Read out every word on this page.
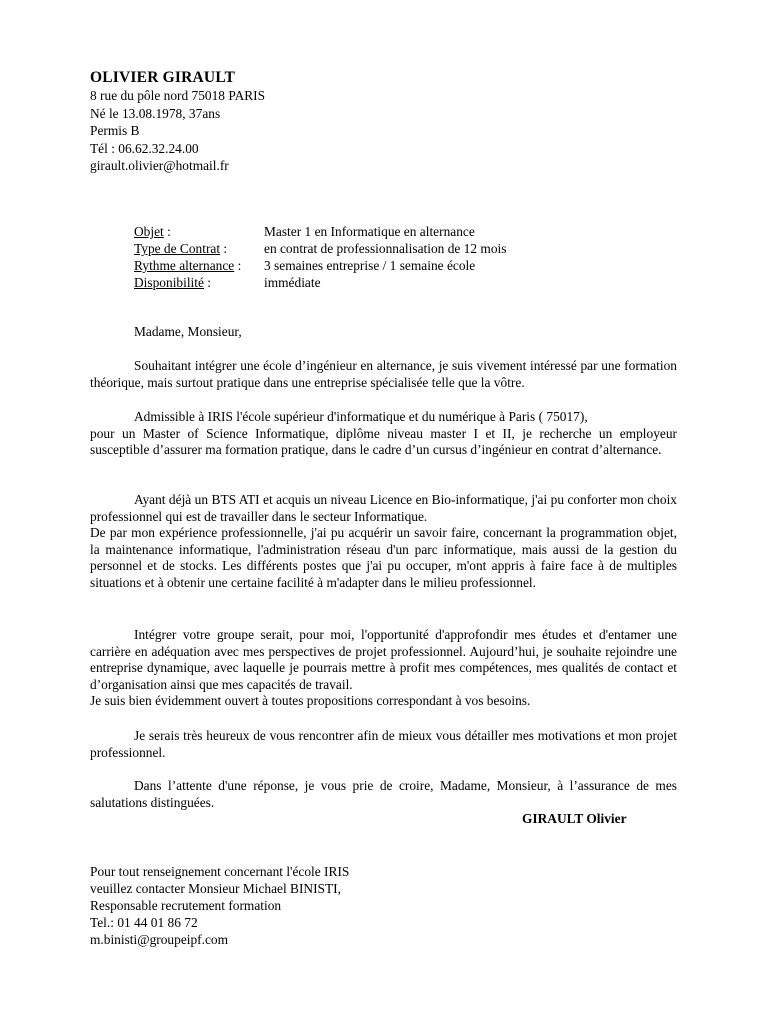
OLIVIER GIRAULT
8 rue du pôle nord 75018 PARIS
Né le 13.08.1978, 37ans
Permis B
Tél : 06.62.32.24.00
girault.olivier@hotmail.fr
Objet :	Master 1 en Informatique en alternance
Type de Contrat :	en contrat de professionnalisation de 12 mois
Rythme alternance : 3 semaines entreprise / 1 semaine école
Disponibilité :	immédiate
Madame, Monsieur,
Souhaitant intégrer une école d’ingénieur en alternance, je suis vivement intéressé par une formation théorique, mais surtout pratique dans une entreprise spécialisée telle que la vôtre.
Admissible à IRIS l'école supérieur d'informatique et du numérique à Paris ( 75017),
pour un Master of Science Informatique, diplôme niveau master I et II, je recherche un employeur susceptible d’assurer ma formation pratique, dans le cadre d’un cursus d’ingénieur en contrat d’alternance.
Ayant déjà un BTS ATI et acquis un niveau Licence en Bio-informatique, j'ai pu conforter mon choix professionnel qui est de travailler dans le secteur Informatique.
De par mon expérience professionnelle, j'ai pu acquérir un savoir faire, concernant la programmation objet, la maintenance informatique, l'administration réseau d'un parc informatique, mais aussi de la gestion du personnel et de stocks. Les différents postes que j'ai pu occuper, m'ont appris à faire face à de multiples situations et à obtenir une certaine facilité à m'adapter dans le milieu professionnel.
Intégrer votre groupe serait, pour moi, l'opportunité d'approfondir mes études et d'entamer une carrière en adéquation avec mes perspectives de projet professionnel. Aujourd’hui, je souhaite rejoindre une entreprise dynamique, avec laquelle je pourrais mettre à profit mes compétences, mes qualités de contact et d’organisation ainsi que mes capacités de travail.
Je suis bien évidemment ouvert à toutes propositions correspondant à vos besoins.
Je serais très heureux de vous rencontrer afin de mieux vous détailler mes motivations et mon projet professionnel.
Dans l’attente d'une réponse, je vous prie de croire, Madame, Monsieur, à l’assurance de mes salutations distinguées.
GIRAULT Olivier
Pour tout renseignement concernant l'école IRIS
veuillez contacter Monsieur Michael BINISTI,
Responsable recrutement formation
Tel.: 01 44 01 86 72
m.binisti@groupeipf.com
